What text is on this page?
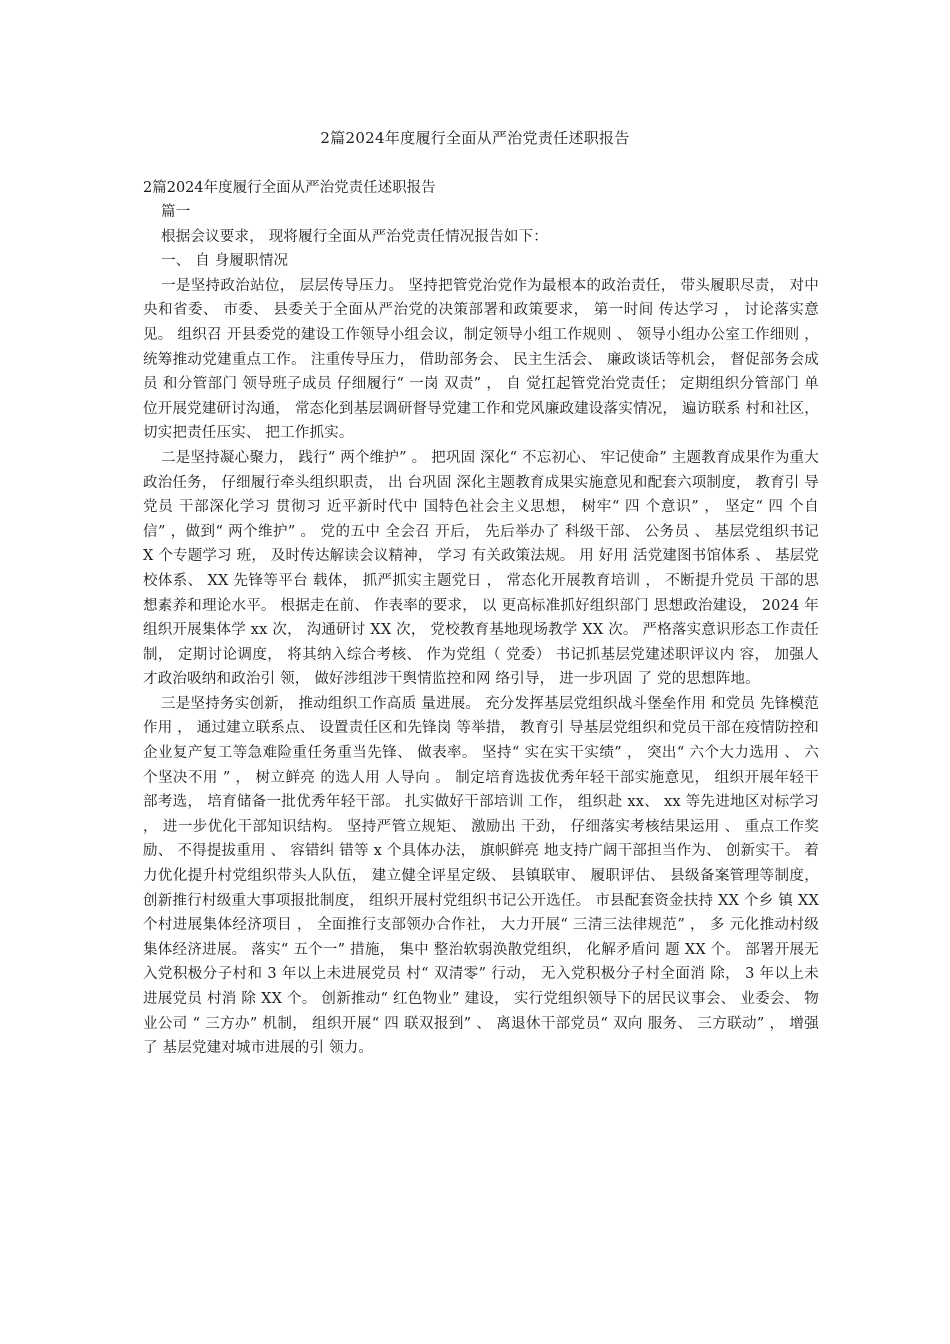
2篇2024年度履行全面从严治党责任述职报告

2篇2024年度履行全面从严治党责任述职报告

篇一

根据会议要求， 现将履行全面从严治党责任情况报告如下：

一、 自 身履职情况

一是坚持政治站位， 层层传导压力。 坚持把管党治党作为最根本的政治责任， 带头履职尽责， 对中 央和省委、 市委、 县委关于全面从严治党的决策部署和政策要求， 第一时间 传达学习 ， 讨论落实意见。 组织召 开县委党的建设工作领导小组会议，制定领导小组工作规则 、 领导小组办公室工作细则 ， 统筹推动党建重点工作。 注重传导压力， 借助部务会、 民主生活会、 廉政谈话等机会， 督促部务会成员 和分管部门 领导班子成员 仔细履行“ 一岗 双责” ， 自 觉扛起管党治党责任； 定期组织分管部门 单位开展党建研讨沟通， 常态化到基层调研督导党建工作和党风廉政建设落实情况， 遍访联系 村和社区， 切实把责任压实、 把工作抓实。

二是坚持凝心聚力， 践行“ 两个维护” 。 把巩固 深化“ 不忘初心、 牢记使命” 主题教育成果作为重大政治任务， 仔细履行牵头组织职责， 出 台巩固 深化主题教育成果实施意见和配套六项制度， 教育引 导党员 干部深化学习 贯彻习 近平新时代中 国特色社会主义思想， 树牢“ 四 个意识” ， 坚定“ 四 个自 信” ，做到“ 两个维护” 。 党的五中 全会召 开后， 先后举办了 科级干部、 公务员 、 基层党组织书记 X 个专题学习 班， 及时传达解读会议精神， 学习 有关政策法规。 用 好用 活党建图书馆体系 、 基层党校体系、 XX 先锋等平台 载体， 抓严抓实主题党日 ， 常态化开展教育培训 ， 不断提升党员 干部的思想素养和理论水平。 根据走在前、 作表率的要求， 以 更高标准抓好组织部门 思想政治建设， 2024 年组织开展集体学 xx 次， 沟通研讨 XX 次， 党校教育基地现场教学 XX 次。 严格落实意识形态工作责任制， 定期讨论调度， 将其纳入综合考核、 作为党组（ 党委） 书记抓基层党建述职评议内 容， 加强人才政治吸纳和政治引 领， 做好涉组涉干舆情监控和网 络引导， 进一步巩固 了 党的思想阵地。

三是坚持务实创新， 推动组织工作高质 量进展。 充分发挥基层党组织战斗堡垒作用 和党员 先锋模范作用 ， 通过建立联系点、 设置责任区和先锋岗 等举措， 教育引 导基层党组织和党员干部在疫情防控和企业复产复工等急难险重任务重当先锋、 做表率。 坚持“ 实在实干实绩” ， 突出“ 六个大力选用 、 六个坚决不用 ” ， 树立鲜亮 的选人用 人导向 。 制定培育选拔优秀年轻干部实施意见， 组织开展年轻干部考选， 培育储备一批优秀年轻干部。 扎实做好干部培训 工作， 组织赴 xx、 xx 等先进地区对标学习 ， 进一步优化干部知识结构。 坚持严管立规矩、 激励出 干劲， 仔细落实考核结果运用 、 重点工作奖励、 不得提拔重用 、 容错纠 错等 x 个具体办法， 旗帜鲜亮 地支持广阔干部担当作为、 创新实干。 着力优化提升村党组织带头人队伍， 建立健全评星定级、 县镇联审、 履职评估、 县级备案管理等制度， 创新推行村级重大事项报批制度， 组织开展村党组织书记公开选任。 市县配套资金扶持 XX 个乡 镇 XX 个村进展集体经济项目 ， 全面推行支部领办合作社， 大力开展“ 三清三法律规范” ， 多 元化推动村级集体经济进展。 落实“ 五个一” 措施， 集中 整治软弱涣散党组织， 化解矛盾问 题 XX 个。 部署开展无入党积极分子村和 3 年以上未进展党员 村“ 双清零” 行动， 无入党积极分子村全面消 除， 3 年以上未进展党员 村消 除 XX 个。 创新推动“ 红色物业” 建设， 实行党组织领导下的居民议事会、 业委会、 物业公司 “ 三方办” 机制， 组织开展“ 四 联双报到” 、 离退休干部党员“ 双向 服务、 三方联动” ， 增强了 基层党建对城市进展的引 领力。
